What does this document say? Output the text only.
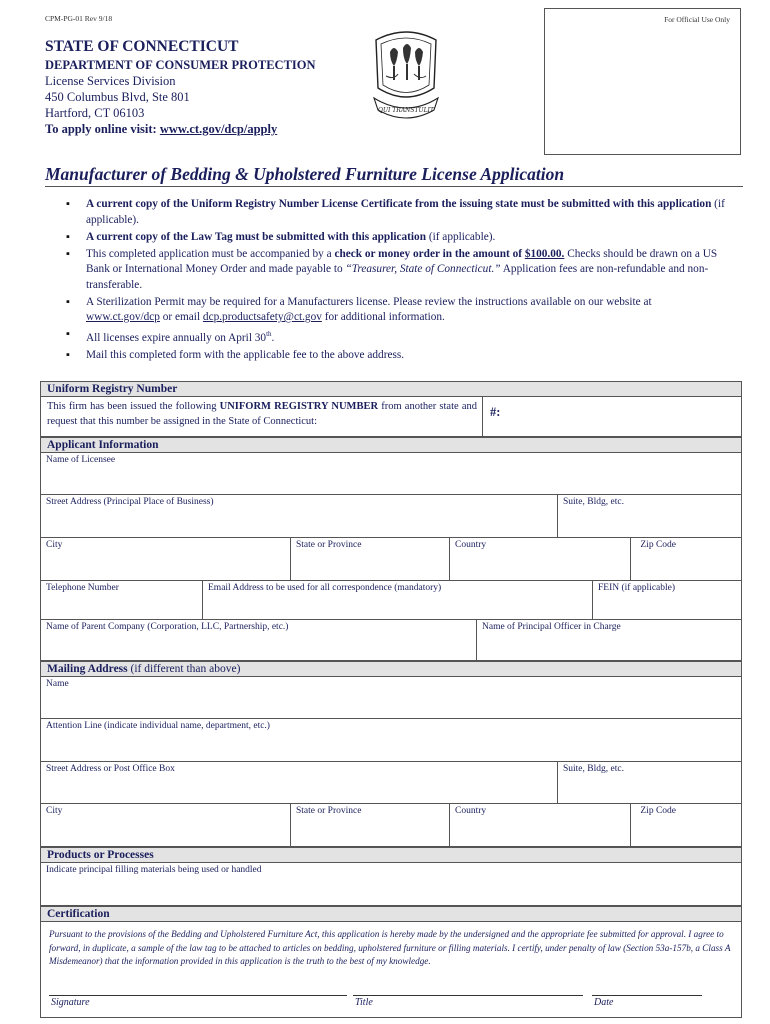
CPM-PG-01 Rev 9/18	For Official Use Only
STATE OF CONNECTICUT
DEPARTMENT OF CONSUMER PROTECTION
License Services Division
450 Columbus Blvd, Ste 801
Hartford, CT 06103
To apply online visit: www.ct.gov/dcp/apply
QUI TRANSTULIT
Manufacturer of Bedding & Upholstered Furniture License Application
▪ A current copy of the Uniform Registry Number License Certificate from the issuing state must be submitted with this application (if applicable).
▪ A current copy of the Law Tag must be submitted with this application (if applicable).
▪ This completed application must be accompanied by a check or money order in the amount of $100.00. Checks should be drawn on a US Bank or International Money Order and made payable to “Treasurer, State of Connecticut.” Application fees are non-refundable and non-transferable.
▪ A Sterilization Permit may be required for a Manufacturers license. Please review the instructions available on our website at www.ct.gov/dcp or email dcp.productsafety@ct.gov for additional information.
▪ All licenses expire annually on April 30th.
▪ Mail this completed form with the applicable fee to the above address.
Uniform Registry Number
This firm has been issued the following UNIFORM REGISTRY NUMBER from another state and request that this number be assigned in the State of Connecticut:
#:
Applicant Information
Name of Licensee
Street Address (Principal Place of Business)	Suite, Bldg, etc.
City	State or Province	Country	Zip Code
Telephone Number	Email Address to be used for all correspondence (mandatory)	FEIN (if applicable)
Name of Parent Company (Corporation, LLC, Partnership, etc.)	Name of Principal Officer in Charge
Mailing Address (if different than above)
Name
Attention Line (indicate individual name, department, etc.)
Street Address or Post Office Box	Suite, Bldg, etc.
City	State or Province	Country	Zip Code
Products or Processes
Indicate principal filling materials being used or handled
Certification
Pursuant to the provisions of the Bedding and Upholstered Furniture Act, this application is hereby made by the undersigned and the appropriate fee submitted for approval. I agree to forward, in duplicate, a sample of the law tag to be attached to articles on bedding, upholstered furniture or filling materials. I certify, under penalty of law (Section 53a-157b, a Class A Misdemeanor) that the information provided in this application is the truth to the best of my knowledge.
Signature	Title	Date
